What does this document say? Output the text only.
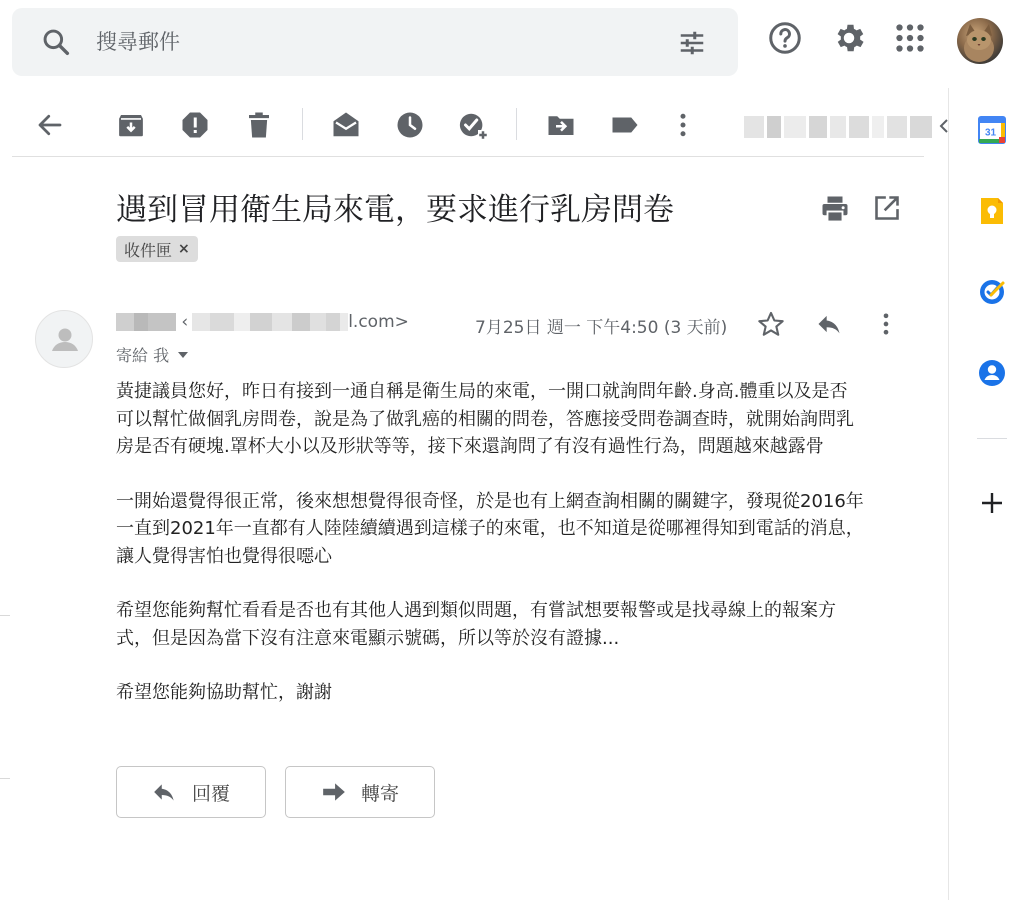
搜尋郵件
31
遇到冒用衛生局來電，要求進行乳房問卷
收件匣 ×
‹	l.com>	7月25日 週一 下午4:50 (3 天前)
寄給 我

黃捷議員您好，昨日有接到一通自稱是衛生局的來電，一開口就詢問年齡.身高.體重以及是否
可以幫忙做個乳房問卷，說是為了做乳癌的相關的問卷，答應接受問卷調查時，就開始詢問乳
房是否有硬塊.罩杯大小以及形狀等等，接下來還詢問了有沒有過性行為，問題越來越露骨

一開始還覺得很正常，後來想想覺得很奇怪，於是也有上網查詢相關的關鍵字，發現從2016年
一直到2021年一直都有人陸陸續續遇到這樣子的來電，也不知道是從哪裡得知到電話的消息，
讓人覺得害怕也覺得很噁心

希望您能夠幫忙看看是否也有其他人遇到類似問題，有嘗試想要報警或是找尋線上的報案方
式，但是因為當下沒有注意來電顯示號碼，所以等於沒有證據...

希望您能夠協助幫忙，謝謝

回覆	轉寄
